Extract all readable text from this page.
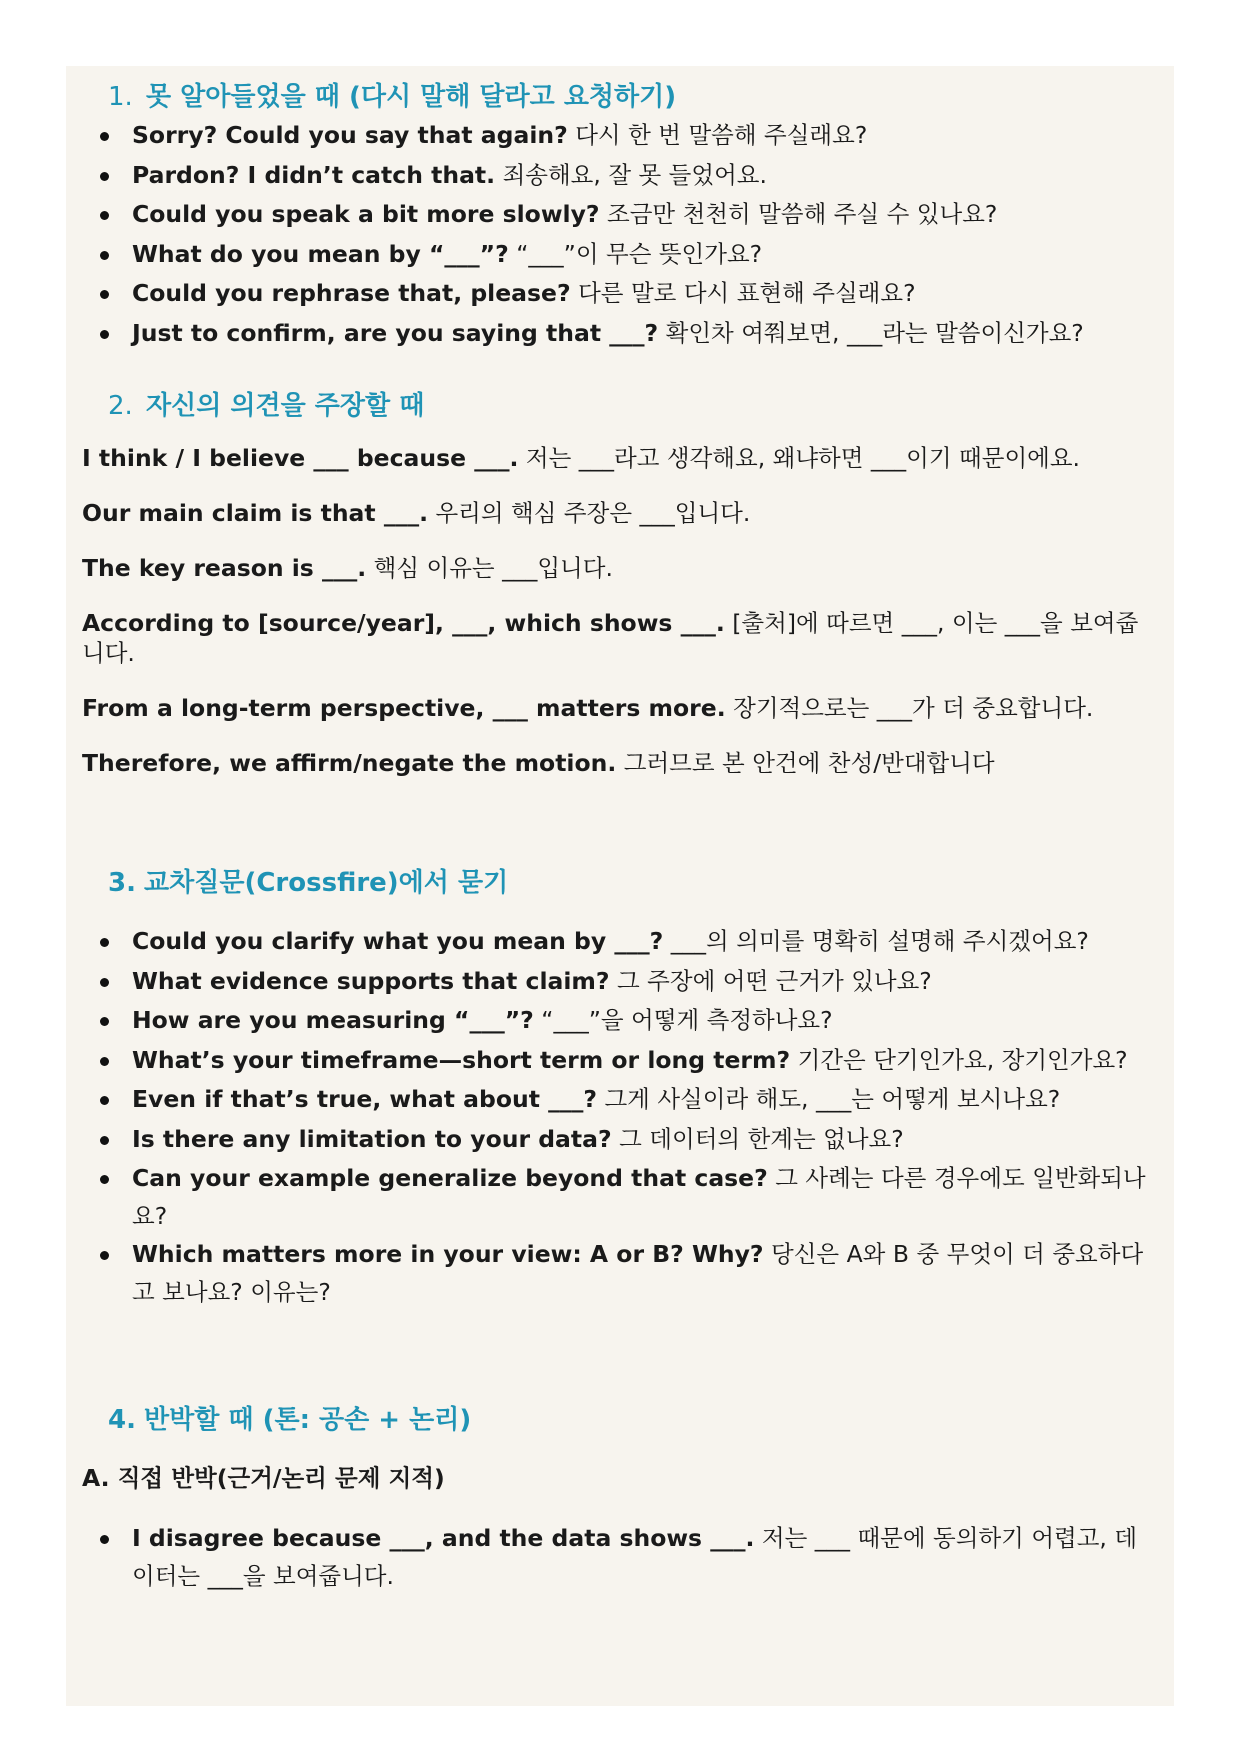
1. 못 알아들었을 때 (다시 말해 달라고 요청하기)
Sorry? Could you say that again? 다시 한 번 말씀해 주실래요?
Pardon? I didn’t catch that. 죄송해요, 잘 못 들었어요.
Could you speak a bit more slowly? 조금만 천천히 말씀해 주실 수 있나요?
What do you mean by “___”? “___”이 무슨 뜻인가요?
Could you rephrase that, please? 다른 말로 다시 표현해 주실래요?
Just to confirm, are you saying that ___? 확인차 여쭤보면, ___라는 말씀이신가요?
2. 자신의 의견을 주장할 때

I think / I believe ___ because ___. 저는 ___라고 생각해요, 왜냐하면 ___이기 때문이에요.

Our main claim is that ___. 우리의 핵심 주장은 ___입니다.

The key reason is ___. 핵심 이유는 ___입니다.

According to [source/year], ___, which shows ___. [출처]에 따르면 ___, 이는 ___을 보여줍니다.

From a long-term perspective, ___ matters more. 장기적으로는 ___가 더 중요합니다.

Therefore, we affirm/negate the motion. 그러므로 본 안건에 찬성/반대합니다

3. 교차질문(Crossfire)에서 묻기
Could you clarify what you mean by ___? ___의 의미를 명확히 설명해 주시겠어요?
What evidence supports that claim? 그 주장에 어떤 근거가 있나요?
How are you measuring “___”? “___”을 어떻게 측정하나요?
What’s your timeframe—short term or long term? 기간은 단기인가요, 장기인가요?
Even if that’s true, what about ___? 그게 사실이라 해도, ___는 어떻게 보시나요?
Is there any limitation to your data? 그 데이터의 한계는 없나요?
Can your example generalize beyond that case? 그 사례는 다른 경우에도 일반화되나요?
Which matters more in your view: A or B? Why? 당신은 A와 B 중 무엇이 더 중요하다고 보나요? 이유는?
4. 반박할 때 (톤: 공손 + 논리)

A. 직접 반박(근거/논리 문제 지적)

I disagree because ___, and the data shows ___. 저는 ___ 때문에 동의하기 어렵고, 데이터는 ___을 보여줍니다.
